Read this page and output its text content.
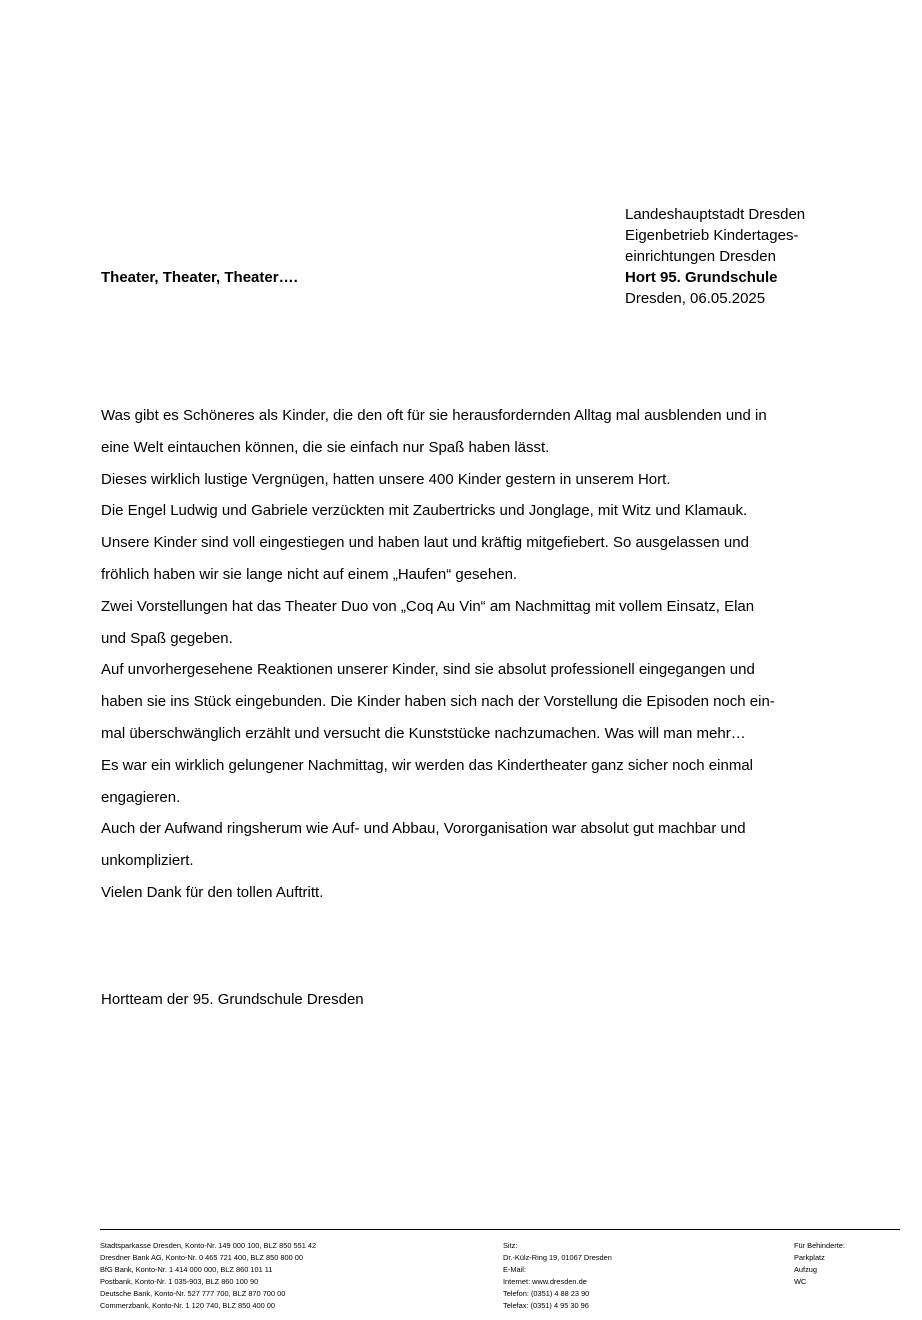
Landeshauptstadt Dresden
Eigenbetrieb Kindertages-
einrichtungen Dresden
Hort 95. Grundschule
Dresden, 06.05.2025
Theater, Theater, Theater….
Was gibt es Schöneres als Kinder, die den oft für sie herausfordernden Alltag mal ausblenden und in
eine Welt eintauchen können, die sie einfach nur Spaß haben lässt.
Dieses wirklich lustige Vergnügen, hatten unsere 400 Kinder gestern in unserem Hort.
Die Engel Ludwig und Gabriele verzückten mit Zaubertricks und Jonglage, mit Witz und Klamauk.
Unsere Kinder sind voll eingestiegen und haben laut und kräftig mitgefiebert. So ausgelassen und
fröhlich haben wir sie lange nicht auf einem „Haufen“ gesehen.
Zwei Vorstellungen hat das Theater Duo von „Coq Au Vin“ am Nachmittag mit vollem Einsatz, Elan
und Spaß gegeben.
Auf unvorhergesehene Reaktionen unserer Kinder, sind sie absolut professionell eingegangen und
haben sie ins Stück eingebunden. Die Kinder haben sich nach der Vorstellung die Episoden noch ein-
mal überschwänglich erzählt und versucht die Kunststücke nachzumachen. Was will man mehr…
Es war ein wirklich gelungener Nachmittag, wir werden das Kindertheater ganz sicher noch einmal
engagieren.
Auch der Aufwand ringsherum wie Auf- und Abbau, Vororganisation war absolut gut machbar und
unkompliziert.
Vielen Dank für den tollen Auftritt.
Hortteam der 95. Grundschule Dresden
Stadtsparkasse Dresden, Konto-Nr. 149 000 100, BLZ 850 551 42
Dresdner Bank AG, Konto-Nr. 0 465 721 400, BLZ 850 800 00
BfG Bank, Konto-Nr. 1 414 000 000, BLZ 860 101 11
Postbank, Konto-Nr. 1 035-903, BLZ 860 100 90
Deutsche Bank, Konto-Nr. 527 777 700, BLZ 870 700 00
Commerzbank, Konto-Nr. 1 120 740, BLZ 850 400 00
Sitz:
Dr.-Külz-Ring 19, 01067 Dresden
E-Mail:
Internet: www.dresden.de
Telefon: (0351) 4 88 23 90
Telefax: (0351) 4 95 30 96
Für Behinderte:
Parkplatz
Aufzug
WC
